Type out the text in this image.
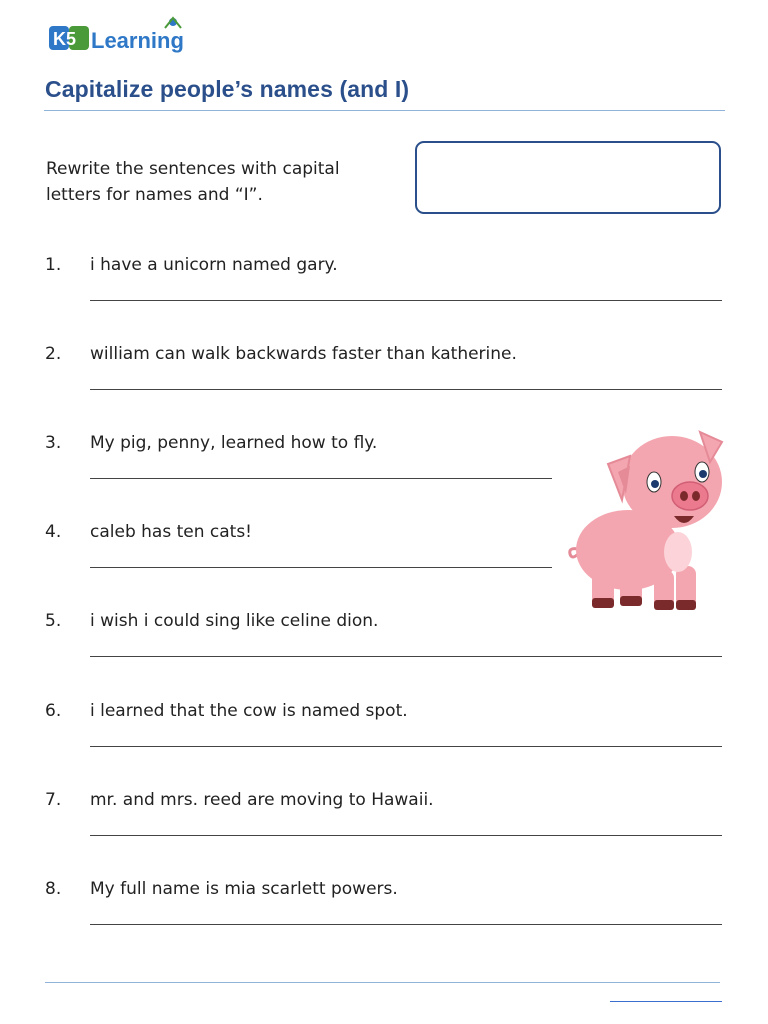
K5 Learning
Capitalize people’s names (and I)
Rewrite the sentences with capital letters for names and “I”.
1. i have a unicorn named gary.
2. william can walk backwards faster than katherine.
3. My pig, penny, learned how to fly.
4. caleb has ten cats!
5. i wish i could sing like celine dion.
6. i learned that the cow is named spot.
7. mr. and mrs. reed are moving to Hawaii.
8. My full name is mia scarlett powers.
